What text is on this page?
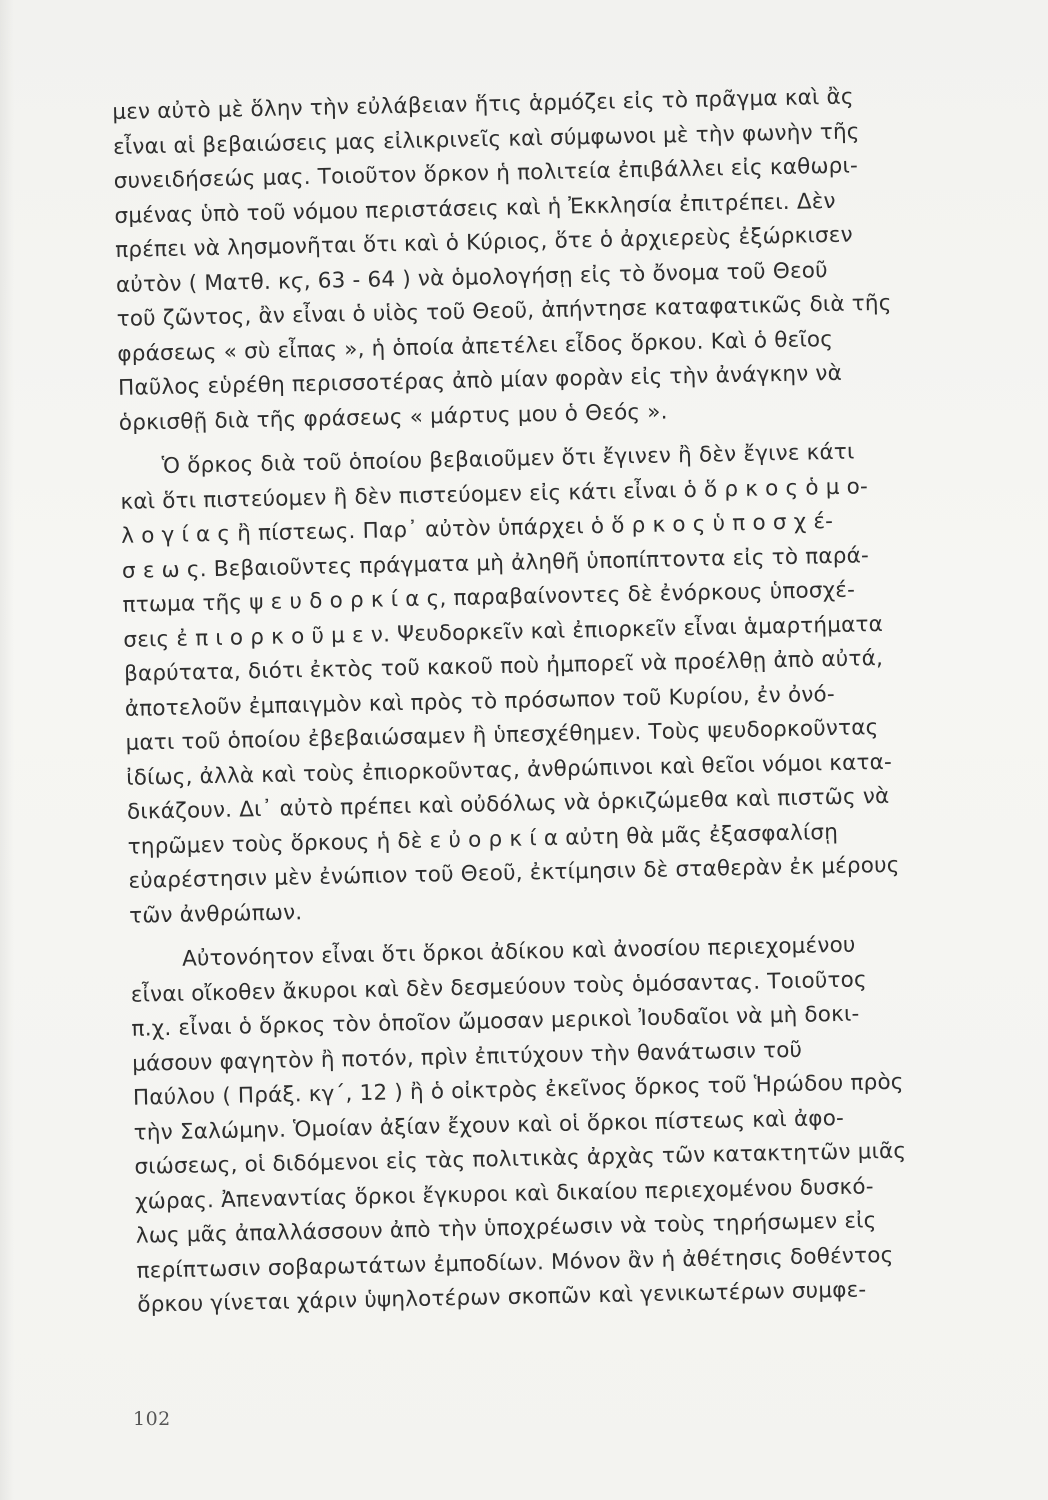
μεν αὐτὸ μὲ ὅλην τὴν εὐλάβειαν ἥτις ἁρμόζει εἰς τὸ πρᾶγμα καὶ ἂς
εἶναι αἱ βεβαιώσεις μας εἰλικρινεῖς καὶ σύμφωνοι μὲ τὴν φωνὴν τῆς
συνειδήσεώς μας. Τοιοῦτον ὅρκον ἡ πολιτεία ἐπιβάλλει εἰς καθωρι-
σμένας ὑπὸ τοῦ νόμου περιστάσεις καὶ ἡ Ἐκκλησία ἐπιτρέπει. Δὲν
πρέπει νὰ λησμονῆται ὅτι καὶ ὁ Κύριος, ὅτε ὁ ἀρχιερεὺς ἐξώρκισεν
αὐτὸν ( Ματθ. κϛ, 63 - 64 ) νὰ ὁμολογήσῃ εἰς τὸ ὄνομα τοῦ Θεοῦ
τοῦ ζῶντος, ἂν εἶναι ὁ υἱὸς τοῦ Θεοῦ, ἀπήντησε καταφατικῶς διὰ τῆς
φράσεως « σὺ εἶπας », ἡ ὁποία ἀπετέλει εἶδος ὅρκου. Καὶ ὁ θεῖος
Παῦλος εὑρέθη περισσοτέρας ἀπὸ μίαν φορὰν εἰς τὴν ἀνάγκην νὰ
ὁρκισθῇ διὰ τῆς φράσεως « μάρτυς μου ὁ Θεός ».
Ὁ ὅρκος διὰ τοῦ ὁποίου βεβαιοῦμεν ὅτι ἔγινεν ἢ δὲν ἔγινε κάτι
καὶ ὅτι πιστεύομεν ἢ δὲν πιστεύομεν εἰς κάτι εἶναι ὁ ὅ ρ κ ο ς ὁ μ ο-
λ ο γ ί α ς ἢ πίστεως. Παρ᾽ αὐτὸν ὑπάρχει ὁ ὅ ρ κ ο ς ὑ π ο σ χ έ-
σ ε ω ς. Βεβαιοῦντες πράγματα μὴ ἀληθῆ ὑποπίπτοντα εἰς τὸ παρά-
πτωμα τῆς ψ ε υ δ ο ρ κ ί α ς, παραβαίνοντες δὲ ἐνόρκους ὑποσχέ-
σεις ἐ π ι ο ρ κ ο ῦ μ ε ν. Ψευδορκεῖν καὶ ἐπιορκεῖν εἶναι ἁμαρτήματα
βαρύτατα, διότι ἐκτὸς τοῦ κακοῦ ποὺ ἠμπορεῖ νὰ προέλθῃ ἀπὸ αὐτά,
ἀποτελοῦν ἐμπαιγμὸν καὶ πρὸς τὸ πρόσωπον τοῦ Κυρίου, ἐν ὀνό-
ματι τοῦ ὁποίου ἐβεβαιώσαμεν ἢ ὑπεσχέθημεν. Τοὺς ψευδορκοῦντας
ἰδίως, ἀλλὰ καὶ τοὺς ἐπιορκοῦντας, ἀνθρώπινοι καὶ θεῖοι νόμοι κατα-
δικάζουν. Δι᾽ αὐτὸ πρέπει καὶ οὐδόλως νὰ ὁρκιζώμεθα καὶ πιστῶς νὰ
τηρῶμεν τοὺς ὅρκους ἡ δὲ ε ὐ ο ρ κ ί α αὐτη θὰ μᾶς ἐξασφαλίσῃ
εὐαρέστησιν μὲν ἐνώπιον τοῦ Θεοῦ, ἐκτίμησιν δὲ σταθερὰν ἐκ μέρους
τῶν ἀνθρώπων.
Αὐτονόητον εἶναι ὅτι ὅρκοι ἀδίκου καὶ ἀνοσίου περιεχομένου
εἶναι οἴκοθεν ἄκυροι καὶ δὲν δεσμεύουν τοὺς ὁμόσαντας. Τοιοῦτος
π.χ. εἶναι ὁ ὅρκος τὸν ὁποῖον ὤμοσαν μερικοὶ Ἰουδαῖοι νὰ μὴ δοκι-
μάσουν φαγητὸν ἢ ποτόν, πρὶν ἐπιτύχουν τὴν θανάτωσιν τοῦ
Παύλου ( Πράξ. κγ´, 12 ) ἢ ὁ οἰκτρὸς ἐκεῖνος ὅρκος τοῦ Ἡρώδου πρὸς
τὴν Σαλώμην. Ὁμοίαν ἀξίαν ἔχουν καὶ οἱ ὅρκοι πίστεως καὶ ἀφο-
σιώσεως, οἱ διδόμενοι εἰς τὰς πολιτικὰς ἀρχὰς τῶν κατακτητῶν μιᾶς
χώρας. Ἀπεναντίας ὅρκοι ἔγκυροι καὶ δικαίου περιεχομένου δυσκό-
λως μᾶς ἀπαλλάσσουν ἀπὸ τὴν ὑποχρέωσιν νὰ τοὺς τηρήσωμεν εἰς
περίπτωσιν σοβαρωτάτων ἐμποδίων. Μόνον ἂν ἡ ἀθέτησις δοθέντος
ὅρκου γίνεται χάριν ὑψηλοτέρων σκοπῶν καὶ γενικωτέρων συμφε-
102
